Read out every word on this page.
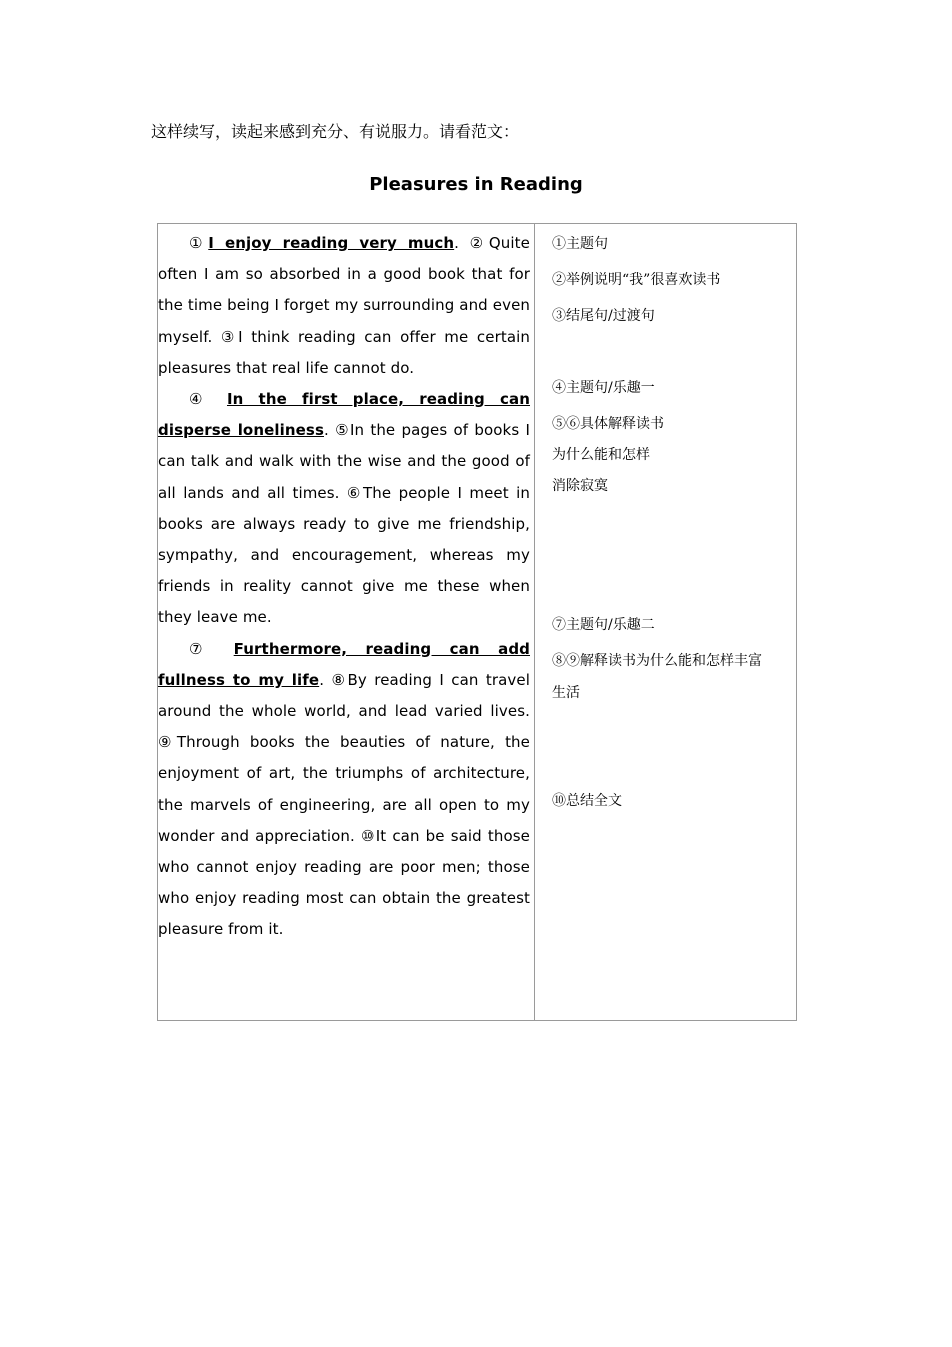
这样续写，读起来感到充分、有说服力。请看范文：
Pleasures in Reading

①I enjoy reading very much. ②Quite often I am so absorbed in a good book that for the time being I forget my surrounding and even myself. ③I think reading can offer me certain pleasures that real life cannot do.

④ In the first place, reading can disperse loneliness. ⑤In the pages of books I can talk and walk with the wise and the good of all lands and all times. ⑥The people I meet in books are always ready to give me friendship, sympathy, and encouragement, whereas my friends in reality cannot give me these when they leave me.

⑦ Furthermore, reading can add fullness to my life. ⑧By reading I can travel around the whole world, and lead varied lives. ⑨Through books the beauties of nature, the enjoyment of art, the triumphs of architecture, the marvels of engineering, are all open to my wonder and appreciation. ⑩It can be said those who cannot enjoy reading are poor men; those who enjoy reading most can obtain the greatest pleasure from it.

①主题句
②举例说明“我”很喜欢读书
③结尾句/过渡句
④主题句/乐趣一
⑤⑥具体解释读书
为什么能和怎样
消除寂寞
⑦主题句/乐趣二
⑧⑨解释读书为什么能和怎样丰富
生活
⑩总结全文
